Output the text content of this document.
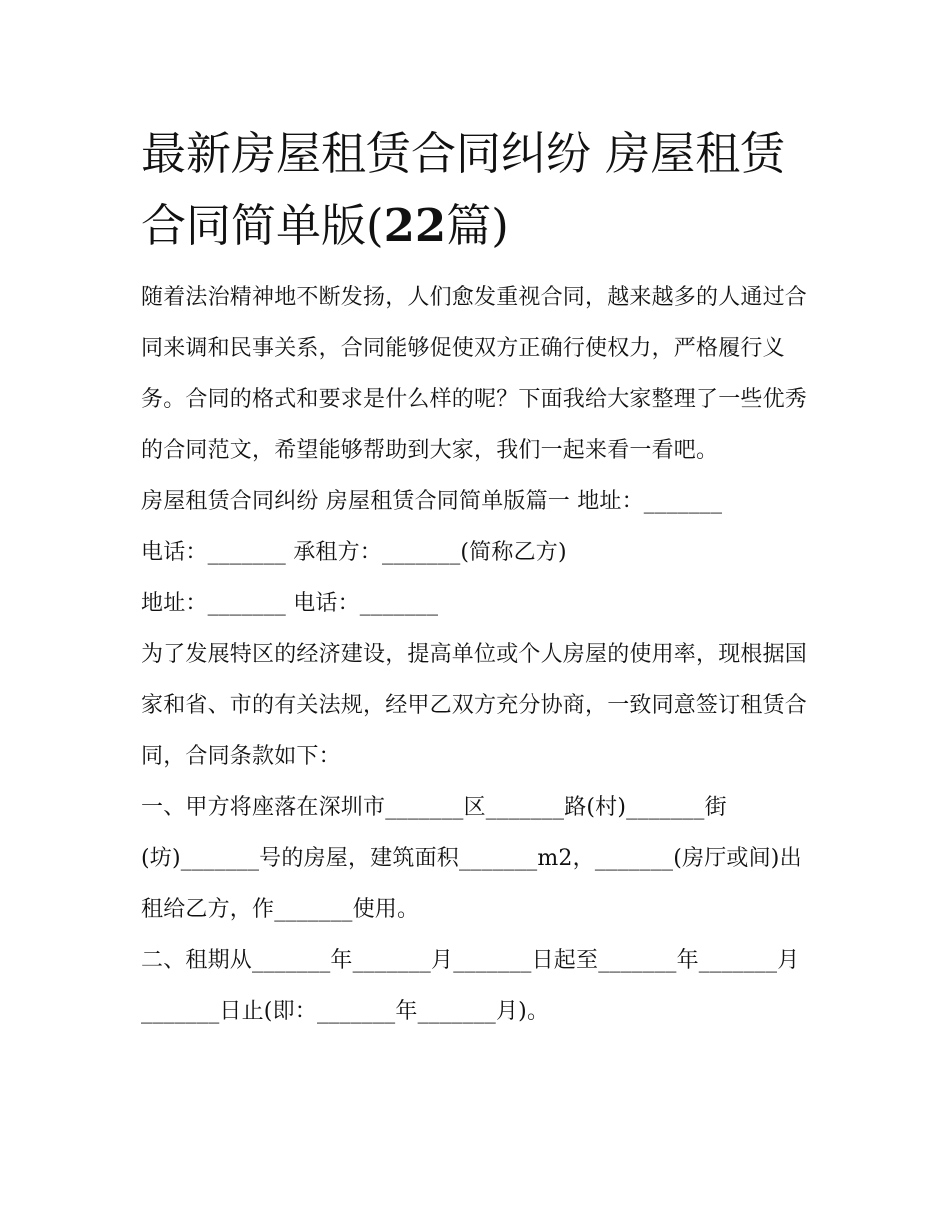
最新房屋租赁合同纠纷 房屋租赁合同简单版(22篇)

随着法治精神地不断发扬，人们愈发重视合同，越来越多的人通过合同来调和民事关系，合同能够促使双方正确行使权力，严格履行义务。合同的格式和要求是什么样的呢？下面我给大家整理了一些优秀的合同范文，希望能够帮助到大家，我们一起来看一看吧。

房屋租赁合同纠纷 房屋租赁合同简单版篇一 地址：_______

电话：_______ 承租方：_______(简称乙方)

地址：_______ 电话：_______

为了发展特区的经济建设，提高单位或个人房屋的使用率，现根据国家和省、市的有关法规，经甲乙双方充分协商，一致同意签订租赁合同，合同条款如下：

一、甲方将座落在深圳市_______区_______路(村)_______街(坊)_______号的房屋，建筑面积_______m2，_______(房厅或间)出租给乙方，作_______使用。

二、租期从_______年_______月_______日起至_______年_______月_______日止(即：_______年_______月)。
